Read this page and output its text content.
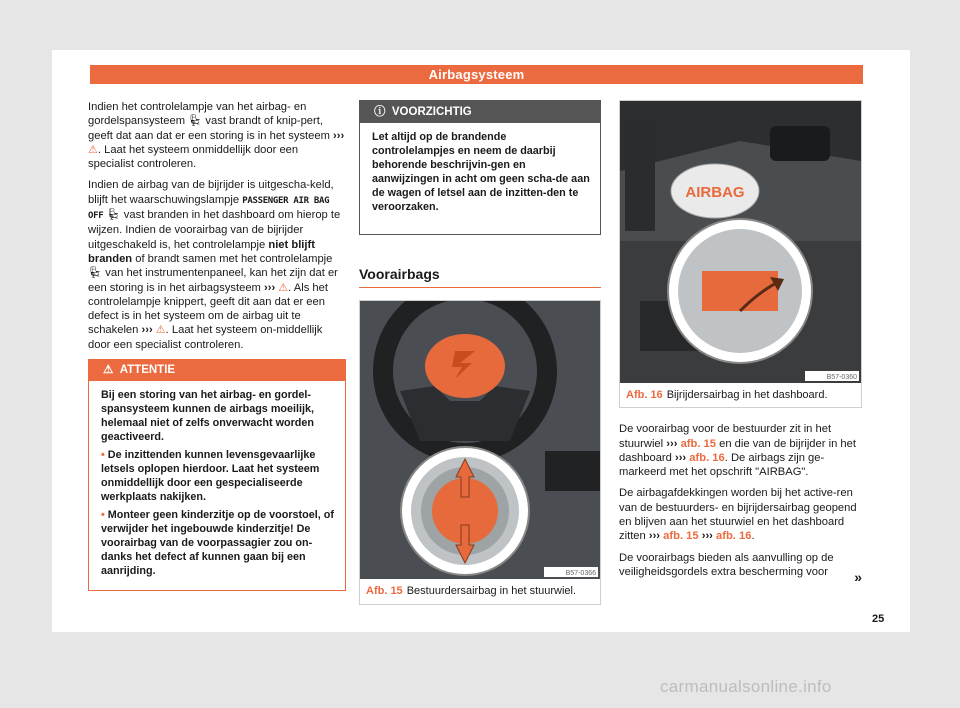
Airbagsysteem

Indien het controlelampje van het airbag- en gordelspansysteem 💺︎ vast brandt of knip-pert, geeft dat aan dat er een storing is in het systeem ››› ⚠. Laat het systeem onmiddellijk door een specialist controleren.

Indien de airbag van de bijrijder is uitgescha-keld, blijft het waarschuwingslampje PASSENGER AIR BAG OFF 💺︎ vast branden in het dashboard om hierop te wijzen. Indien de voorairbag van de bijrijder uitgeschakeld is, het controlelampje niet blijft branden of brandt samen met het controlelampje 💺︎ van het instrumentenpaneel, kan het zijn dat er een storing is in het airbagsysteem ››› ⚠. Als het controlelampje knippert, geeft dit aan dat er een defect is in het systeem om de airbag uit te schakelen ››› ⚠. Laat het systeem on-middellijk door een specialist controleren.

⚠ ATTENTIE

Bij een storing van het airbag- en gordel-spansysteem kunnen de airbags moeilijk, helemaal niet of zelfs onverwacht worden geactiveerd.

• De inzittenden kunnen levensgevaarlijke letsels oplopen hierdoor. Laat het systeem onmiddellijk door een gespecialiseerde werkplaats nakijken.

• Monteer geen kinderzitje op de voorstoel, of verwijder het ingebouwde kinderzitje! De voorairbag van de voorpassagier zou on-danks het defect af kunnen gaan bij een aanrijding.

ⓘ VOORZICHTIG

Let altijd op de brandende controlelampjes en neem de daarbij behorende beschrijvin-gen en aanwijzingen in acht om geen scha-de aan de wagen of letsel aan de inzitten-den te veroorzaken.

Voorairbags
B57-0366
Afb. 15 Bestuurdersairbag in het stuurwiel.
AIRBAG
B57-0360
Afb. 16 Bijrijdersairbag in het dashboard.

De voorairbag voor de bestuurder zit in het stuurwiel ››› afb. 15 en die van de bijrijder in het dashboard ››› afb. 16. De airbags zijn ge-markeerd met het opschrift "AIRBAG".

De airbagafdekkingen worden bij het active-ren van de bestuurders- en bijrijdersairbag geopend en blijven aan het stuurwiel en het dashboard zitten ››› afb. 15 ››› afb. 16.

De voorairbags bieden als aanvulling op de veiligheidsgordels extra bescherming voor	»
25
carmanualsonline.info
